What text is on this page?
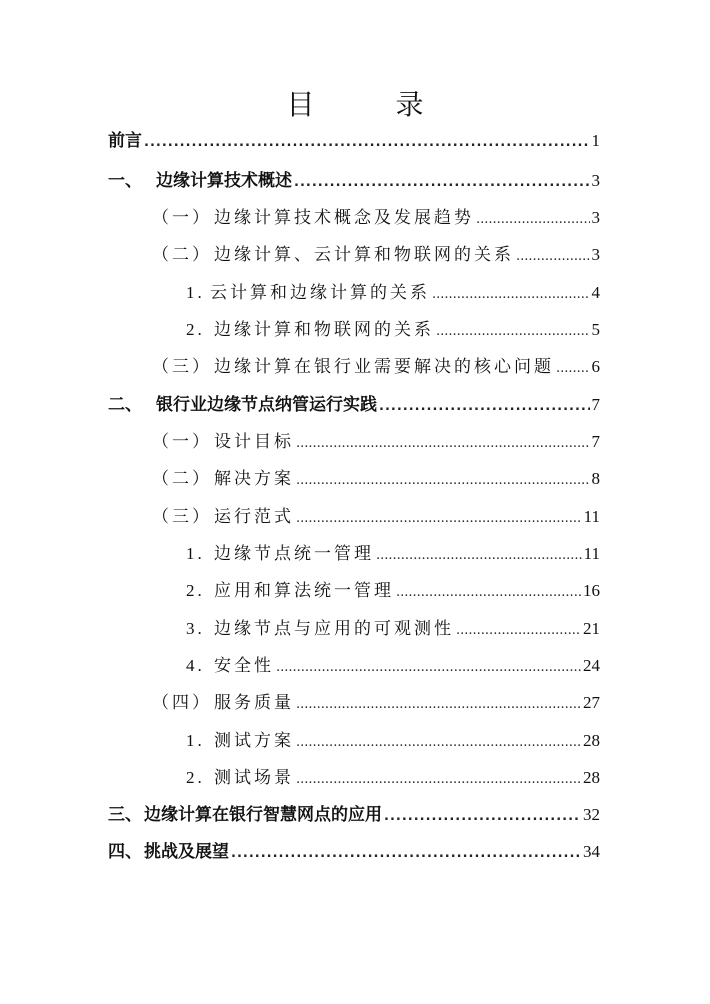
目 录
前言 .....	1
一、 边缘计算技术概述 .....	3
（一） 边缘计算技术概念及发展趋势 .....	3
（二） 边缘计算、云计算和物联网的关系 .....	3
1. 云计算和边缘计算的关系 .....	4
2. 边缘计算和物联网的关系 .....	5
（三） 边缘计算在银行业需要解决的核心问题 ..... 6
二、 银行业边缘节点纳管运行实践 .....	7
（一） 设计目标 .....	7
（二） 解决方案 .....	8
（三） 运行范式 .....	11
1. 边缘节点统一管理 .....	11
2. 应用和算法统一管理 .....	16
3. 边缘节点与应用的可观测性 .....	21
4. 安全性 .....	24
（四） 服务质量 .....	27
1. 测试方案 .....	28
2. 测试场景 .....	28
三、 边缘计算在银行智慧网点的应用 .....	32
四、 挑战及展望 .....	34
